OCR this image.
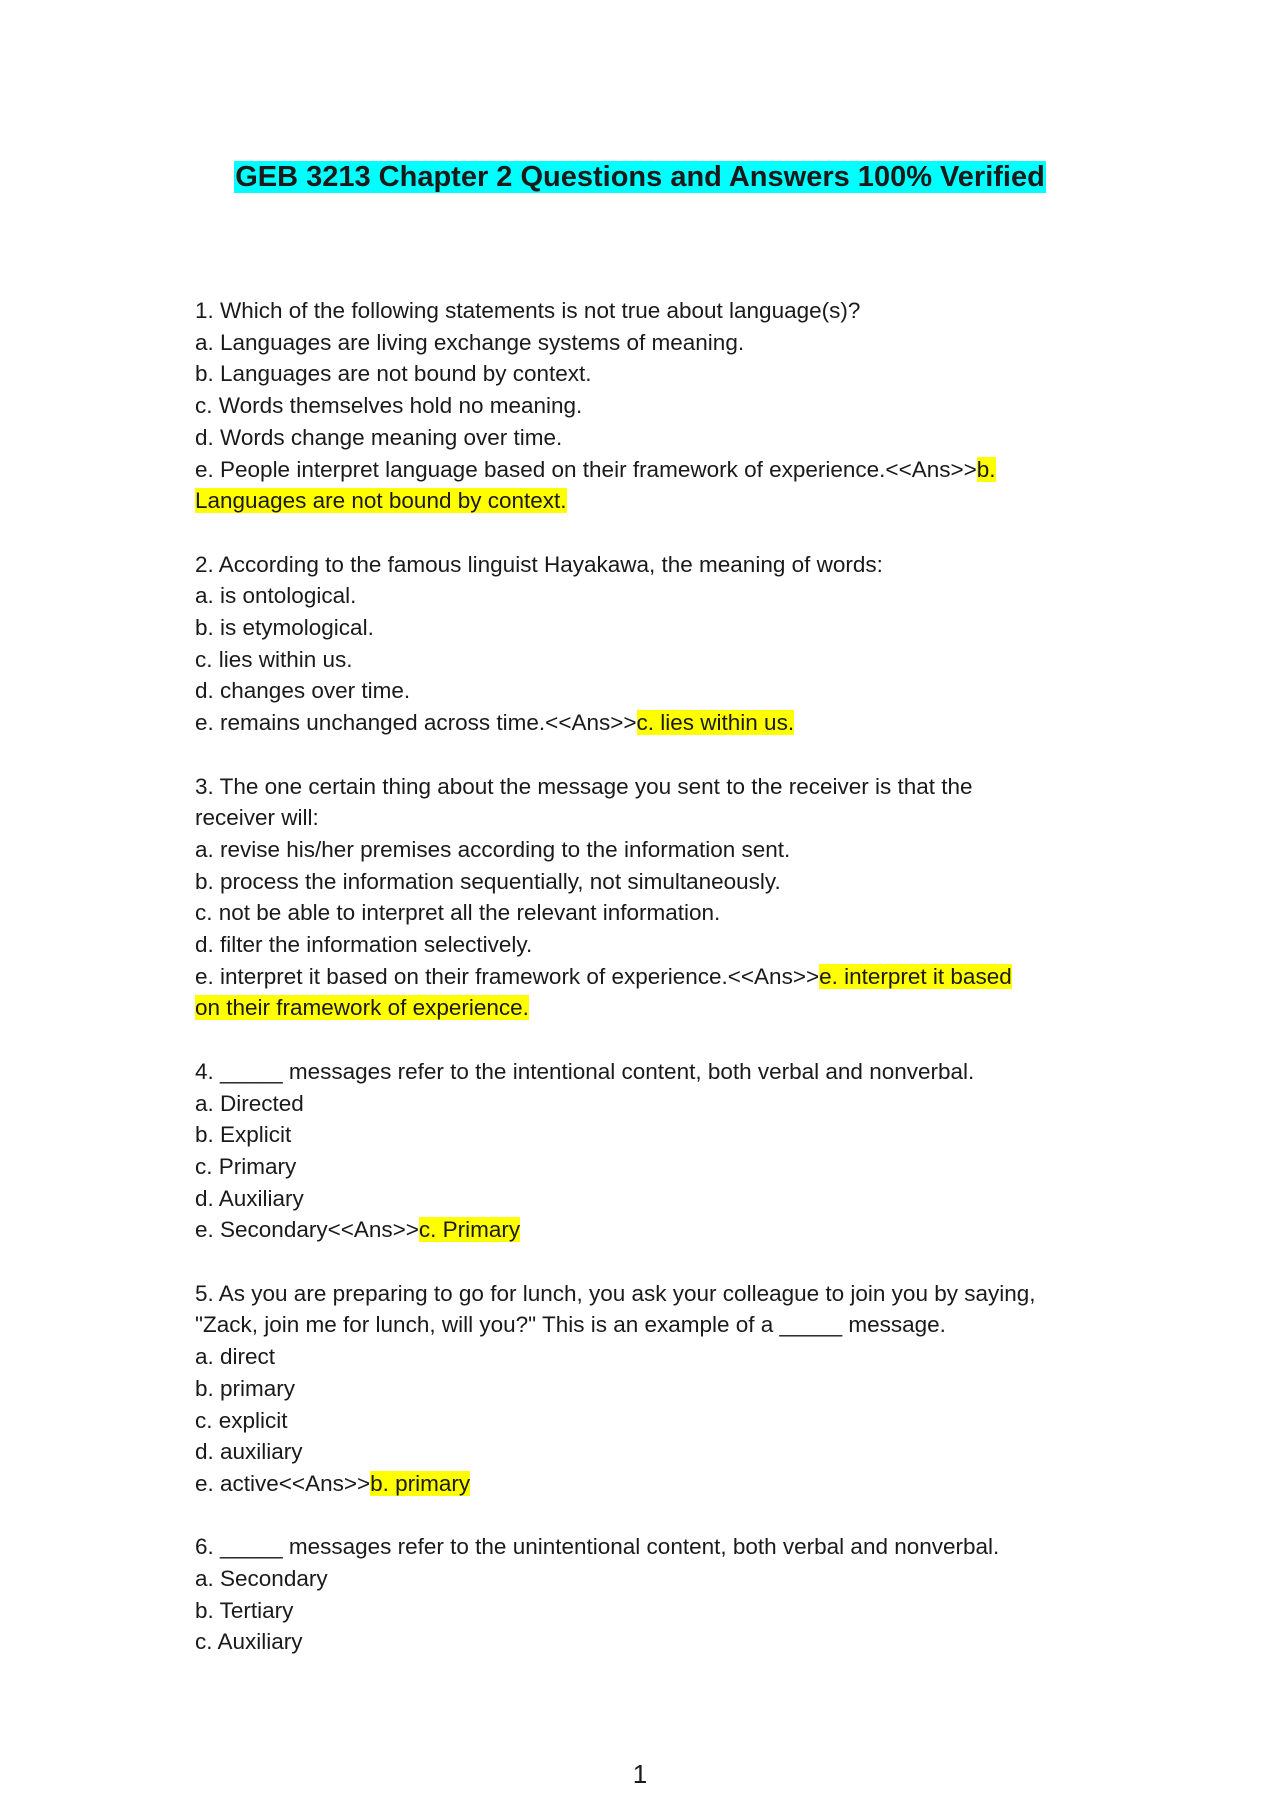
GEB 3213 Chapter 2 Questions and Answers 100% Verified
1. Which of the following statements is not true about language(s)?
a. Languages are living exchange systems of meaning.
b. Languages are not bound by context.
c. Words themselves hold no meaning.
d. Words change meaning over time.
e. People interpret language based on their framework of experience.<<Ans>>b.
Languages are not bound by context.
2. According to the famous linguist Hayakawa, the meaning of words:
a. is ontological.
b. is etymological.
c. lies within us.
d. changes over time.
e. remains unchanged across time.<<Ans>>c. lies within us.
3. The one certain thing about the message you sent to the receiver is that the
receiver will:
a. revise his/her premises according to the information sent.
b. process the information sequentially, not simultaneously.
c. not be able to interpret all the relevant information.
d. filter the information selectively.
e. interpret it based on their framework of experience.<<Ans>>e. interpret it based
on their framework of experience.
4. _____ messages refer to the intentional content, both verbal and nonverbal.
a. Directed
b. Explicit
c. Primary
d. Auxiliary
e. Secondary<<Ans>>c. Primary
5. As you are preparing to go for lunch, you ask your colleague to join you by saying,
"Zack, join me for lunch, will you?" This is an example of a _____ message.
a. direct
b. primary
c. explicit
d. auxiliary
e. active<<Ans>>b. primary
6. _____ messages refer to the unintentional content, both verbal and nonverbal.
a. Secondary
b. Tertiary
c. Auxiliary
1
